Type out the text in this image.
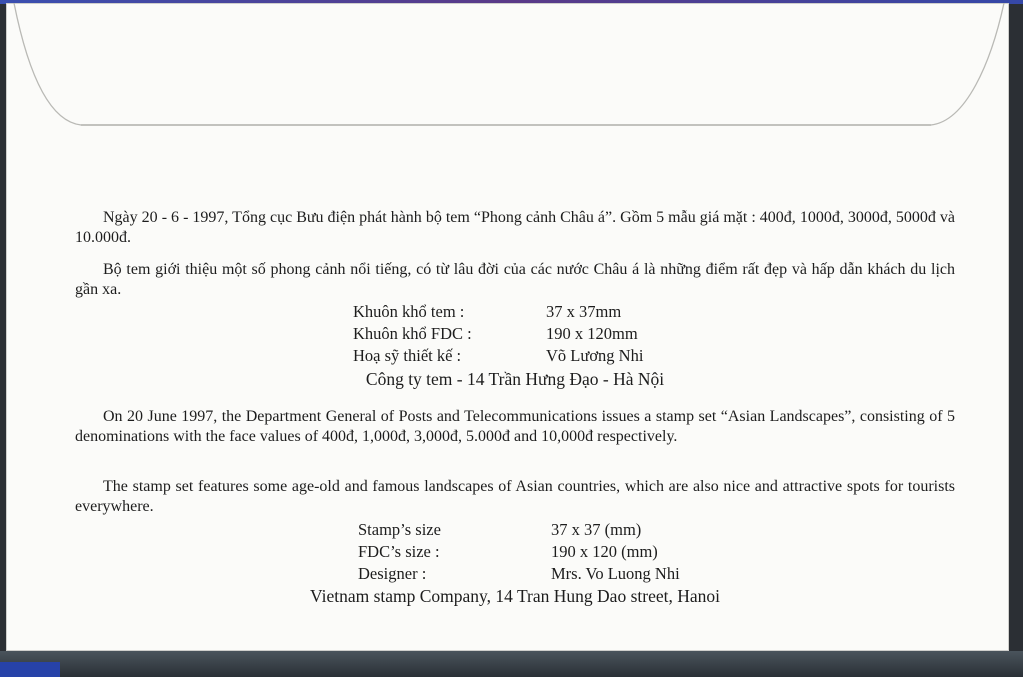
Ngày 20 - 6 - 1997, Tổng cục Bưu điện phát hành bộ tem “Phong cảnh Châu á”. Gồm 5 mẫu giá mặt : 400đ, 1000đ, 3000đ, 5000đ và 10.000đ.

Bộ tem giới thiệu một số phong cảnh nổi tiếng, có từ lâu đời của các nước Châu á là những điểm rất đẹp và hấp dẫn khách du lịch gần xa.

Khuôn khổ tem :	37 x 37mm
Khuôn khổ FDC :	190 x 120mm
Hoạ sỹ thiết kế :	Võ Lương Nhi
Công ty tem - 14 Trần Hưng Đạo - Hà Nội

On 20 June 1997, the Department General of Posts and Telecommunications issues a stamp set “Asian Landscapes”, consisting of 5 denominations with the face values of 400đ, 1,000đ, 3,000đ, 5.000đ and 10,000đ respectively.

The stamp set features some age-old and famous landscapes of Asian countries, which are also nice and attractive spots for tourists everywhere.

Stamp’s size	37 x 37 (mm)
FDC’s size :	190 x 120 (mm)
Designer :	Mrs. Vo Luong Nhi
Vietnam stamp Company, 14 Tran Hung Dao street, Hanoi
